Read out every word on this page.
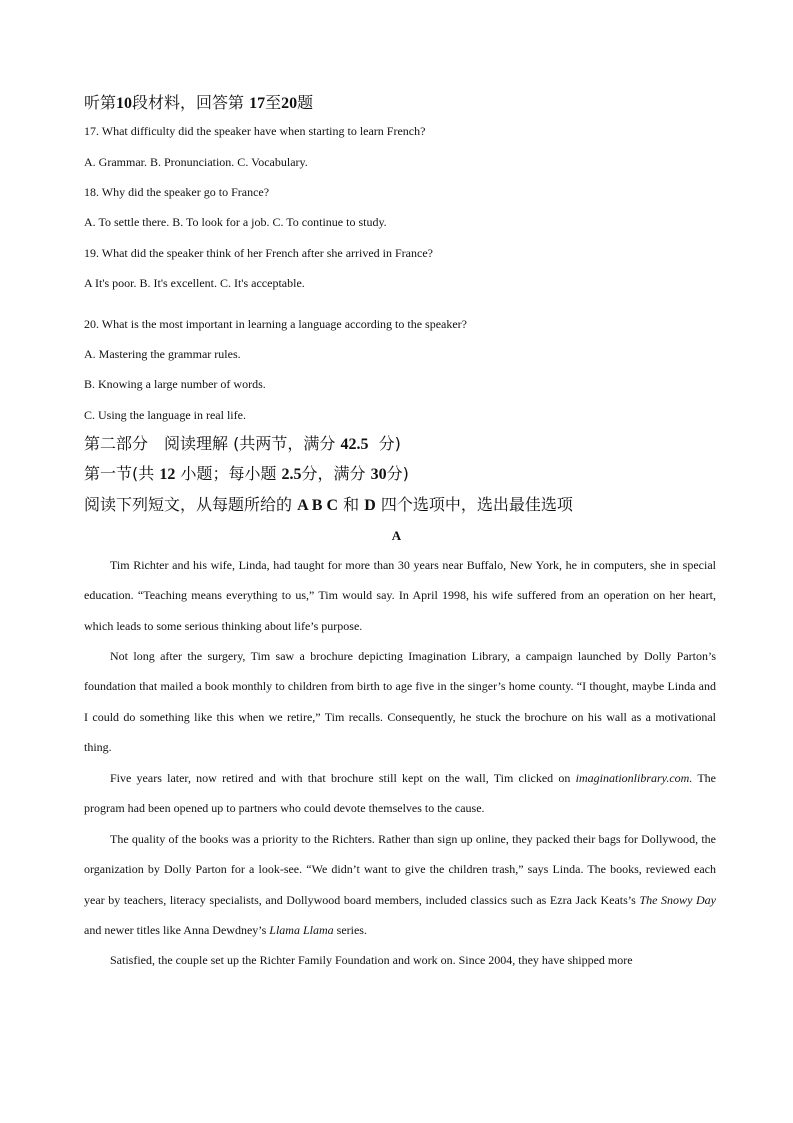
听第10段材料，回答第 17至20题
17. What difficulty did the speaker have when starting to learn French?
A. Grammar. B. Pronunciation. C. Vocabulary.
18. Why did the speaker go to France?
A. To settle there. B. To look for a job. C. To continue to study.
19. What did the speaker think of her French after she arrived in France?
A It's poor. B. It's excellent. C. It's acceptable.
20. What is the most important in learning a language according to the speaker?
A. Mastering the grammar rules.
B. Knowing a large number of words.
C. Using the language in real life.
第二部分　阅读理解 (共两节，满分 42.5 分)
第一节(共 12 小题；每小题 2.5分，满分 30分)
阅读下列短文，从每题所给的 A B C 和 D 四个选项中，选出最佳选项
A
Tim Richter and his wife, Linda, had taught for more than 30 years near Buffalo, New York, he in computers, she in special education. “Teaching means everything to us,” Tim would say. In April 1998, his wife suffered from an operation on her heart, which leads to some serious thinking about life’s purpose.
Not long after the surgery, Tim saw a brochure depicting Imagination Library, a campaign launched by Dolly Parton’s foundation that mailed a book monthly to children from birth to age five in the singer’s home county. “I thought, maybe Linda and I could do something like this when we retire,” Tim recalls. Consequently, he stuck the brochure on his wall as a motivational thing.
Five years later, now retired and with that brochure still kept on the wall, Tim clicked on imaginationlibrary.com. The program had been opened up to partners who could devote themselves to the cause.
The quality of the books was a priority to the Richters. Rather than sign up online, they packed their bags for Dollywood, the organization by Dolly Parton for a look-see. “We didn’t want to give the children trash,” says Linda. The books, reviewed each year by teachers, literacy specialists, and Dollywood board members, included classics such as Ezra Jack Keats’s The Snowy Day and newer titles like Anna Dewdney’s Llama Llama series.
Satisfied, the couple set up the Richter Family Foundation and work on. Since 2004, they have shipped more
